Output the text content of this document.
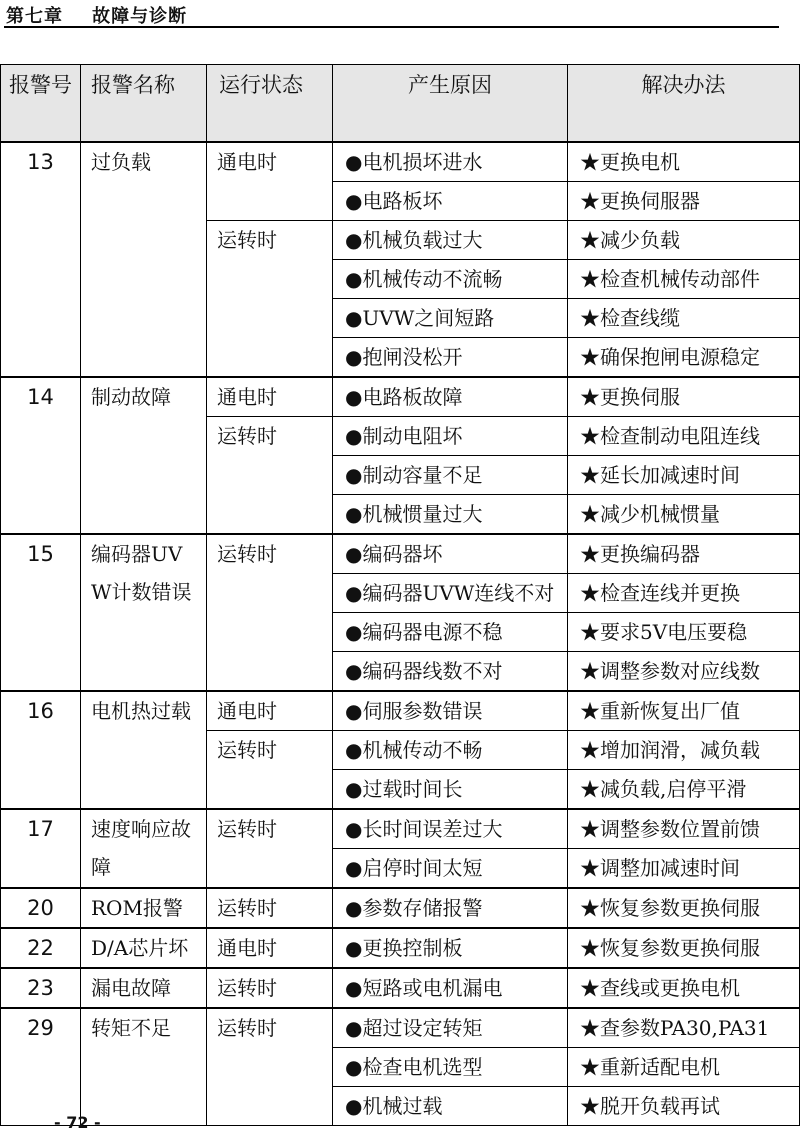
第七章    故障与诊断
报警号	报警名称	运行状态	产生原因	解决办法
13	过负载	通电时	●电机损坏进水	★更换电机
			●电路板坏	★更换伺服器
		运转时	●机械负载过大	★减少负载
			●机械传动不流畅	★检查机械传动部件
			●UVW之间短路	★检查线缆
			●抱闸没松开	★确保抱闸电源稳定
14	制动故障	通电时	●电路板故障	★更换伺服
		运转时	●制动电阻坏	★检查制动电阻连线
			●制动容量不足	★延长加减速时间
			●机械惯量过大	★减少机械惯量
15	编码器UVW计数错误	运转时	●编码器坏	★更换编码器
			●编码器UVW连线不对	★检查连线并更换
			●编码器电源不稳	★要求5V电压要稳
			●编码器线数不对	★调整参数对应线数
16	电机热过载	通电时	●伺服参数错误	★重新恢复出厂值
		运转时	●机械传动不畅	★增加润滑，减负载
			●过载时间长	★减负载,启停平滑
17	速度响应故障	运转时	●长时间误差过大	★调整参数位置前馈
			●启停时间太短	★调整加减速时间
20	ROM报警	运转时	●参数存储报警	★恢复参数更换伺服
22	D/A芯片坏	通电时	●更换控制板	★恢复参数更换伺服
23	漏电故障	运转时	●短路或电机漏电	★查线或更换电机
29	转矩不足	运转时	●超过设定转矩	★查参数PA30,PA31
			●检查电机选型	★重新适配电机
			●机械过载	★脱开负载再试
- 72 -
